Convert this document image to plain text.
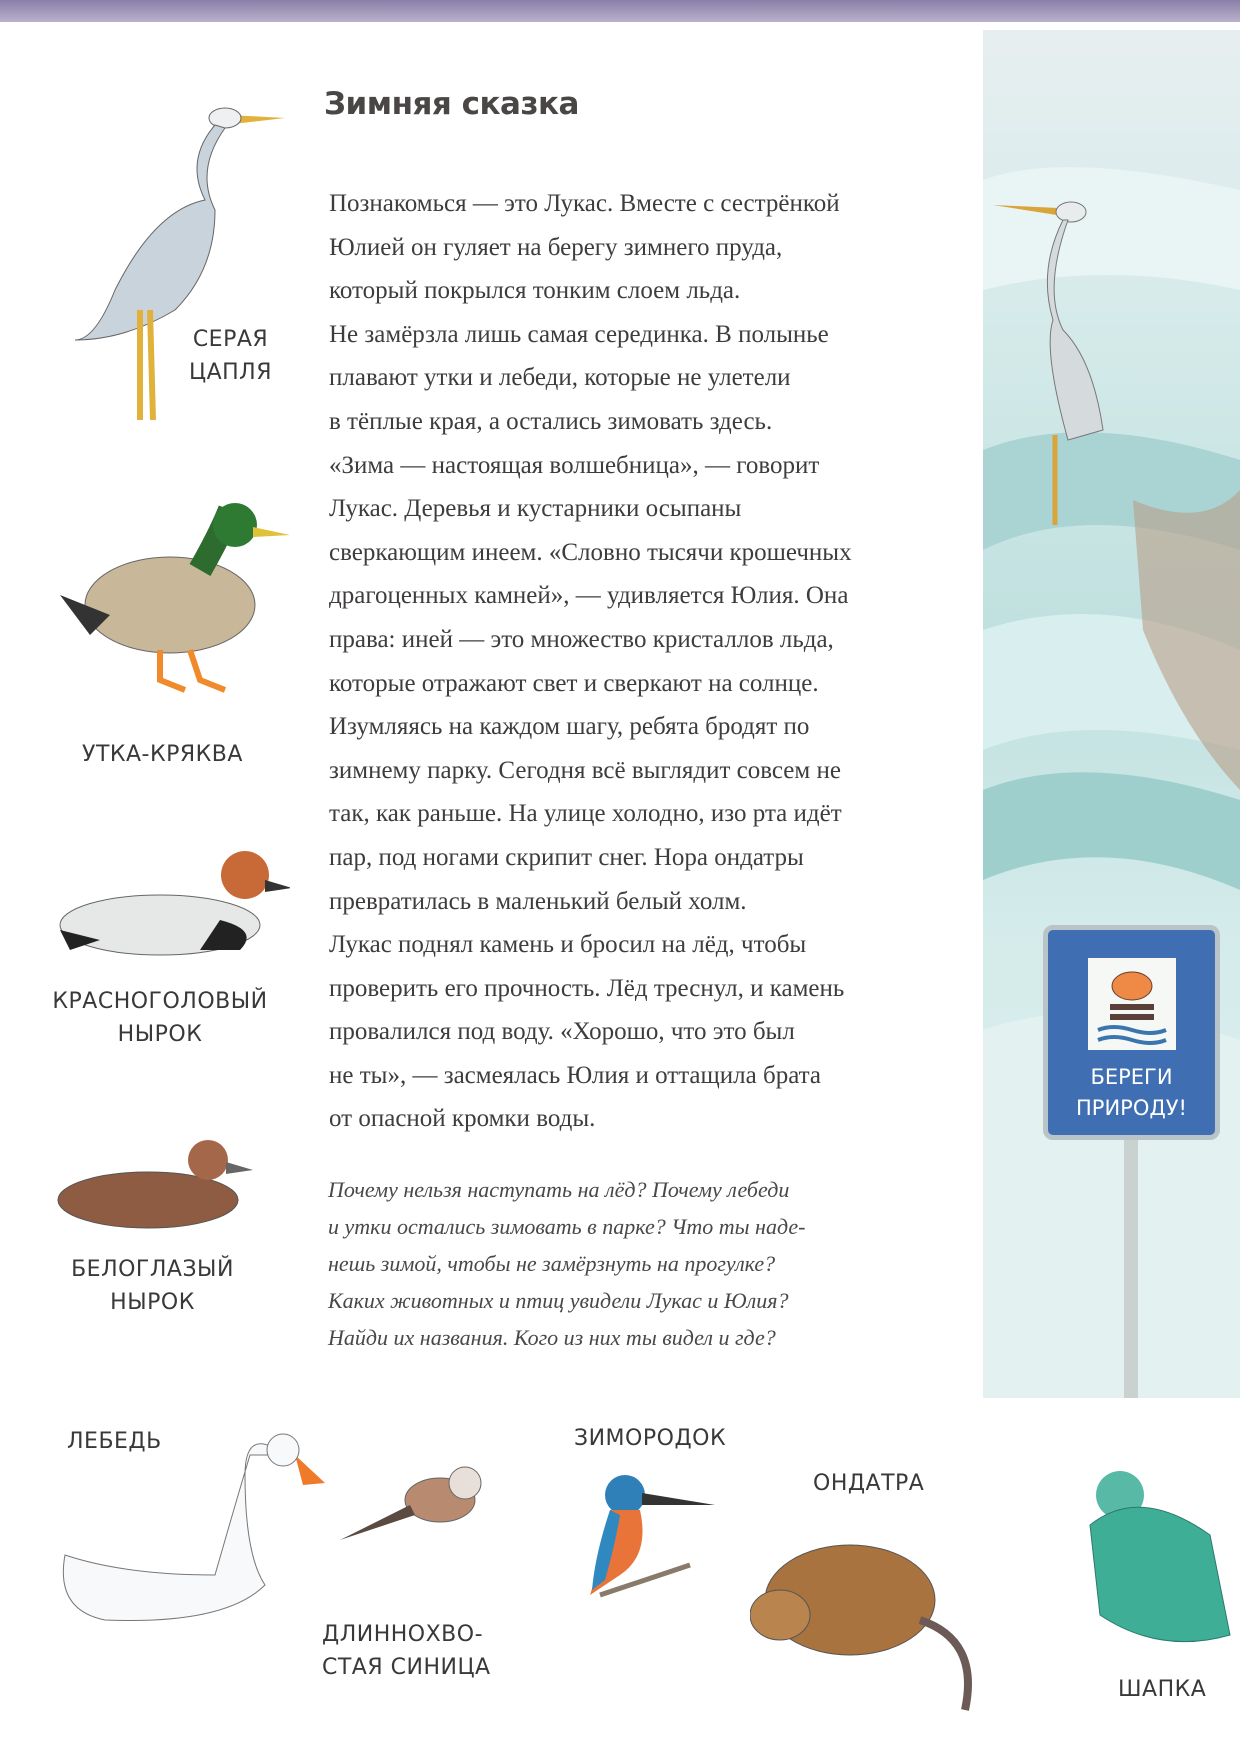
Зимняя сказка
Познакомься — это Лукас. Вместе с сестрёнкой
Юлией он гуляет на берегу зимнего пруда,
который покрылся тонким слоем льда.
Не замёрзла лишь самая серединка. В полынье
плавают утки и лебеди, которые не улетели
в тёплые края, а остались зимовать здесь.
«Зима — настоящая волшебница», — говорит
Лукас. Деревья и кустарники осыпаны
сверкающим инеем. «Словно тысячи крошечных
драгоценных камней», — удивляется Юлия. Она
права: иней — это множество кристаллов льда,
которые отражают свет и сверкают на солнце.
Изумляясь на каждом шагу, ребята бродят по
зимнему парку. Сегодня всё выглядит совсем не
так, как раньше. На улице холодно, изо рта идёт
пар, под ногами скрипит снег. Нора ондатры
превратилась в маленький белый холм.
Лукас поднял камень и бросил на лёд, чтобы
проверить его прочность. Лёд треснул, и камень
провалился под воду. «Хорошо, что это был
не ты», — засмеялась Юлия и оттащила брата
от опасной кромки воды.
Почему нельзя наступать на лёд? Почему лебеди
и утки остались зимовать в парке? Что ты наде-
нешь зимой, чтобы не замёрзнуть на прогулке?
Каких животных и птиц увидели Лукас и Юлия?
Найди их названия. Кого из них ты видел и где?
БЕРЕГИ
ПРИРОДУ!
СЕРАЯ
ЦАПЛЯ
УТКА-КРЯКВА
КРАСНОГОЛОВЫЙ
НЫРОК
БЕЛОГЛАЗЫЙ
НЫРОК
ЛЕБЕДЬ
ДЛИННОХВО-
СТАЯ СИНИЦА
ЗИМОРОДОК
ОНДАТРА
ШАПКА
